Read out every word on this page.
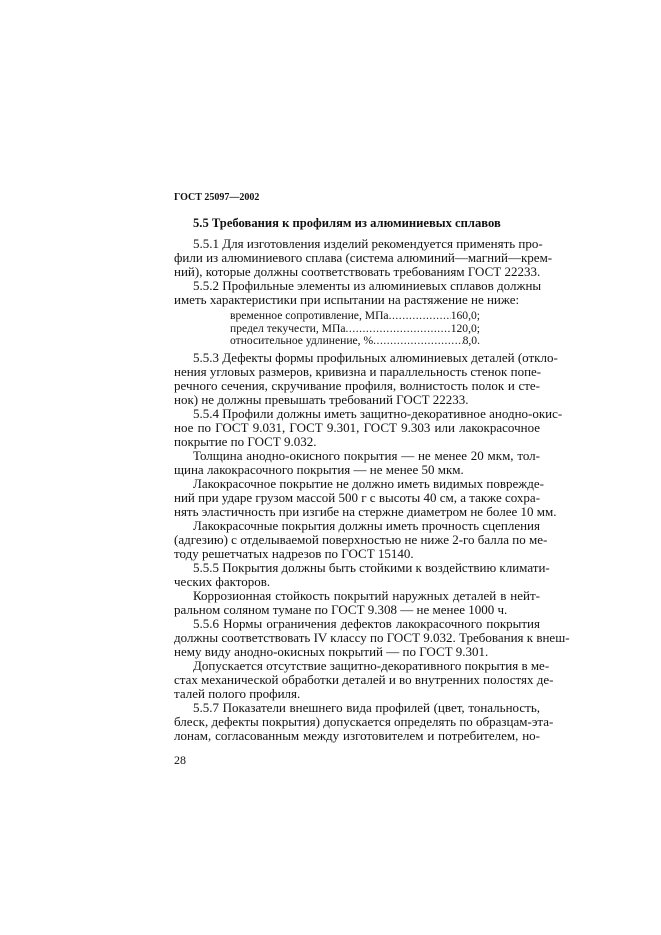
ГОСТ 25097—2002
5.5 Требования к профилям из алюминиевых сплавов
5.5.1 Для изготовления изделий рекомендуется применять про-
фили из алюминиевого сплава (система алюминий—магний—крем-
ний), которые должны соответствовать требованиям ГОСТ 22233.
5.5.2 Профильные элементы из алюминиевых сплавов должны
иметь характеристики при испытании на растяжение не ниже:
временное сопротивление, МПа .....	160,0;
предел текучести, МПа .....	120,0;
относительное удлинение, % .....	8,0.
5.5.3 Дефекты формы профильных алюминиевых деталей (откло-
нения угловых размеров, кривизна и параллельность стенок попе-
речного сечения, скручивание профиля, волнистость полок и сте-
нок) не должны превышать требований ГОСТ 22233.
5.5.4 Профили должны иметь защитно-декоративное анодно-окис-
ное по ГОСТ 9.031, ГОСТ 9.301, ГОСТ 9.303 или лакокрасочное
покрытие по ГОСТ 9.032.
Толщина анодно-окисного покрытия — не менее 20 мкм, тол-
щина лакокрасочного покрытия — не менее 50 мкм.
Лакокрасочное покрытие не должно иметь видимых поврежде-
ний при ударе грузом массой 500 г с высоты 40 см, а также сохра-
нять эластичность при изгибе на стержне диаметром не более 10 мм.
Лакокрасочные покрытия должны иметь прочность сцепления
(адгезию) с отделываемой поверхностью не ниже 2-го балла по ме-
тоду решетчатых надрезов по ГОСТ 15140.
5.5.5 Покрытия должны быть стойкими к воздействию климати-
ческих факторов.
Коррозионная стойкость покрытий наружных деталей в нейт-
ральном соляном тумане по ГОСТ 9.308 — не менее 1000 ч.
5.5.6 Нормы ограничения дефектов лакокрасочного покрытия
должны соответствовать IV классу по ГОСТ 9.032. Требования к внеш-
нему виду анодно-окисных покрытий — по ГОСТ 9.301.
Допускается отсутствие защитно-декоративного покрытия в ме-
стах механической обработки деталей и во внутренних полостях де-
талей полого профиля.
5.5.7 Показатели внешнего вида профилей (цвет, тональность,
блеск, дефекты покрытия) допускается определять по образцам-эта-
лонам, согласованным между изготовителем и потребителем, но-
28
